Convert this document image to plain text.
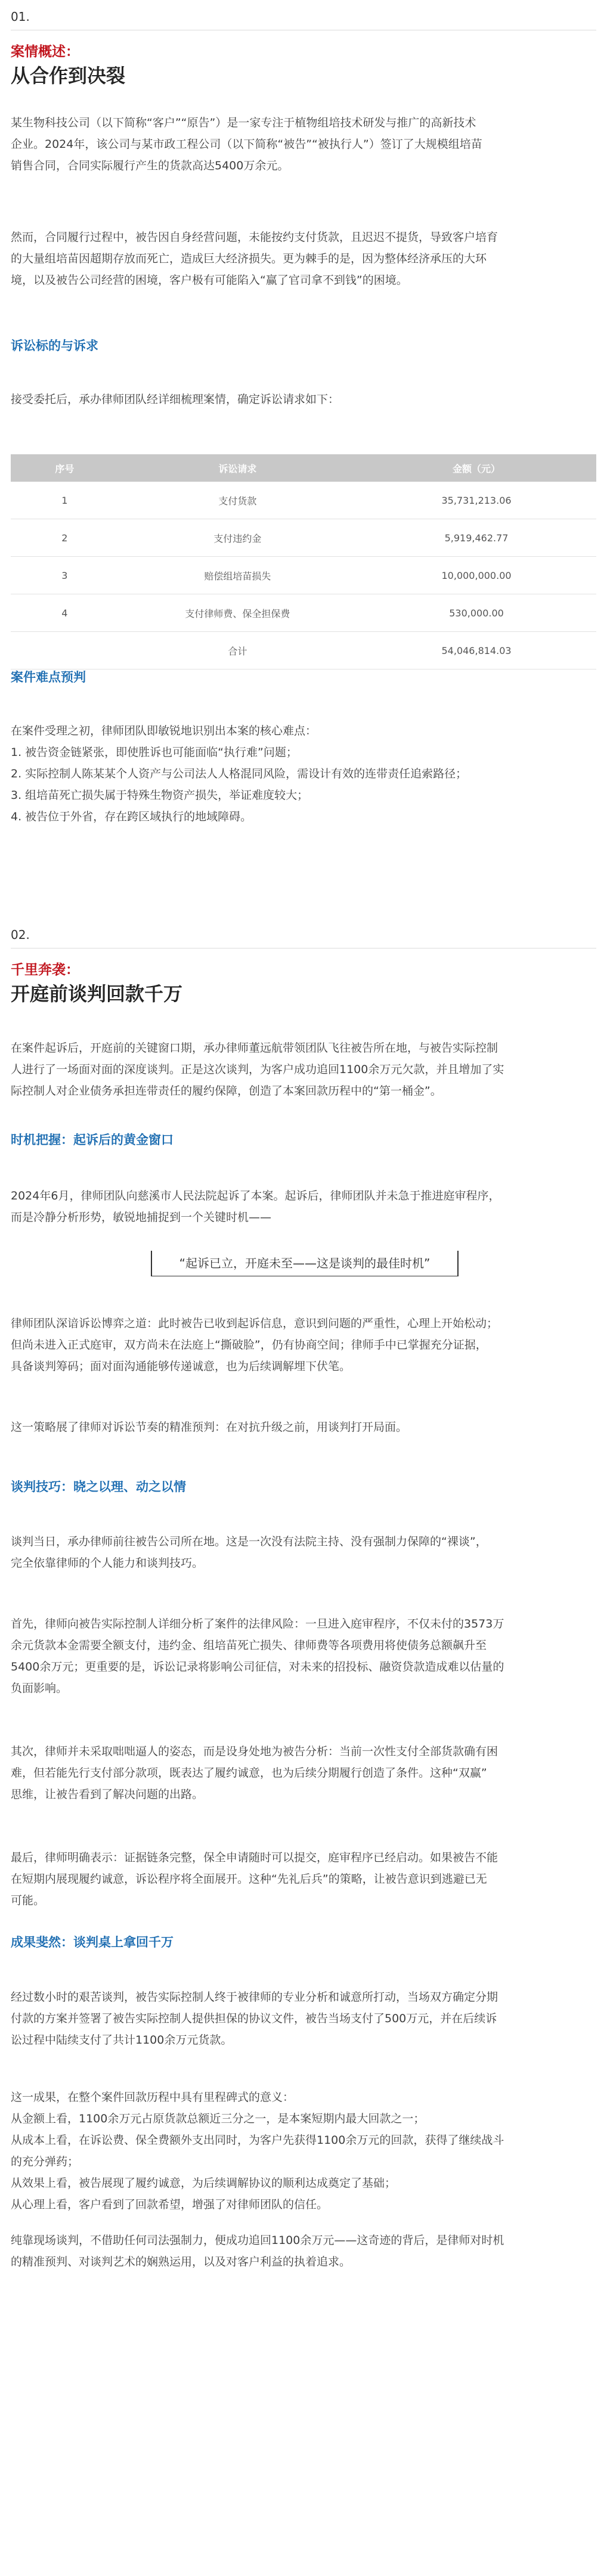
01.
案情概述：
从合作到决裂

某生物科技公司（以下简称“客户”“原告”）是一家专注于植物组培技术研发与推广的高新技术

企业。2024年，该公司与某市政工程公司（以下简称“被告”“被执行人”）签订了大规模组培苗

销售合同，合同实际履行产生的货款高达5400万余元。

然而，合同履行过程中，被告因自身经营问题，未能按约支付货款，且迟迟不提货，导致客户培育

的大量组培苗因超期存放而死亡，造成巨大经济损失。更为棘手的是，因为整体经济承压的大环

境，以及被告公司经营的困境，客户极有可能陷入“赢了官司拿不到钱”的困境。

诉讼标的与诉求

接受委托后，承办律师团队经详细梳理案情，确定诉讼请求如下：

序号	诉讼请求	金额（元）
1	支付货款	35,731,213.06
2	支付违约金	5,919,462.77
3	赔偿组培苗损失	10,000,000.00
4	支付律师费、保全担保费	530,000.00
	合计	54,046,814.03
案件难点预判

在案件受理之初，律师团队即敏锐地识别出本案的核心难点：

1. 被告资金链紧张，即使胜诉也可能面临“执行难”问题；
2. 实际控制人陈某某个人资产与公司法人人格混同风险，需设计有效的连带责任追索路径；
3. 组培苗死亡损失属于特殊生物资产损失，举证难度较大；
4. 被告位于外省，存在跨区域执行的地域障碍。
02.
千里奔袭：
开庭前谈判回款千万

在案件起诉后，开庭前的关键窗口期，承办律师董远航带领团队飞往被告所在地，与被告实际控制

人进行了一场面对面的深度谈判。正是这次谈判，为客户成功追回1100余万元欠款，并且增加了实

际控制人对企业债务承担连带责任的履约保障，创造了本案回款历程中的“第一桶金”。

时机把握：起诉后的黄金窗口

2024年6月，律师团队向慈溪市人民法院起诉了本案。起诉后，律师团队并未急于推进庭审程序，

而是冷静分析形势，敏锐地捕捉到一个关键时机——

“起诉已立，开庭未至——这是谈判的最佳时机”

律师团队深谙诉讼博弈之道：此时被告已收到起诉信息，意识到问题的严重性，心理上开始松动；

但尚未进入正式庭审，双方尚未在法庭上“撕破脸”，仍有协商空间；律师手中已掌握充分证据，

具备谈判筹码；面对面沟通能够传递诚意，也为后续调解埋下伏笔。

这一策略展了律师对诉讼节奏的精准预判：在对抗升级之前，用谈判打开局面。

谈判技巧：晓之以理、动之以情

谈判当日，承办律师前往被告公司所在地。这是一次没有法院主持、没有强制力保障的“裸谈”，

完全依靠律师的个人能力和谈判技巧。

首先，律师向被告实际控制人详细分析了案件的法律风险：一旦进入庭审程序，不仅未付的3573万

余元货款本金需要全额支付，违约金、组培苗死亡损失、律师费等各项费用将使债务总额飙升至

5400余万元；更重要的是，诉讼记录将影响公司征信，对未来的招投标、融资贷款造成难以估量的

负面影响。

其次，律师并未采取咄咄逼人的姿态，而是设身处地为被告分析：当前一次性支付全部货款确有困

难，但若能先行支付部分款项，既表达了履约诚意，也为后续分期履行创造了条件。这种“双赢”

思维，让被告看到了解决问题的出路。

最后，律师明确表示：证据链条完整，保全申请随时可以提交，庭审程序已经启动。如果被告不能

在短期内展现履约诚意，诉讼程序将全面展开。这种“先礼后兵”的策略，让被告意识到逃避已无

可能。

成果斐然：谈判桌上拿回千万

经过数小时的艰苦谈判，被告实际控制人终于被律师的专业分析和诚意所打动，当场双方确定分期

付款的方案并签署了被告实际控制人提供担保的协议文件，被告当场支付了500万元，并在后续诉

讼过程中陆续支付了共计1100余万元货款。

这一成果，在整个案件回款历程中具有里程碑式的意义：

从金额上看，1100余万元占原货款总额近三分之一，是本案短期内最大回款之一；

从成本上看，在诉讼费、保全费额外支出同时，为客户先获得1100余万元的回款，获得了继续战斗

的充分弹药；

从效果上看，被告展现了履约诚意，为后续调解协议的顺利达成奠定了基础；

从心理上看，客户看到了回款希望，增强了对律师团队的信任。

纯靠现场谈判，不借助任何司法强制力，便成功追回1100余万元——这奇迹的背后，是律师对时机

的精准预判、对谈判艺术的娴熟运用，以及对客户利益的执着追求。
